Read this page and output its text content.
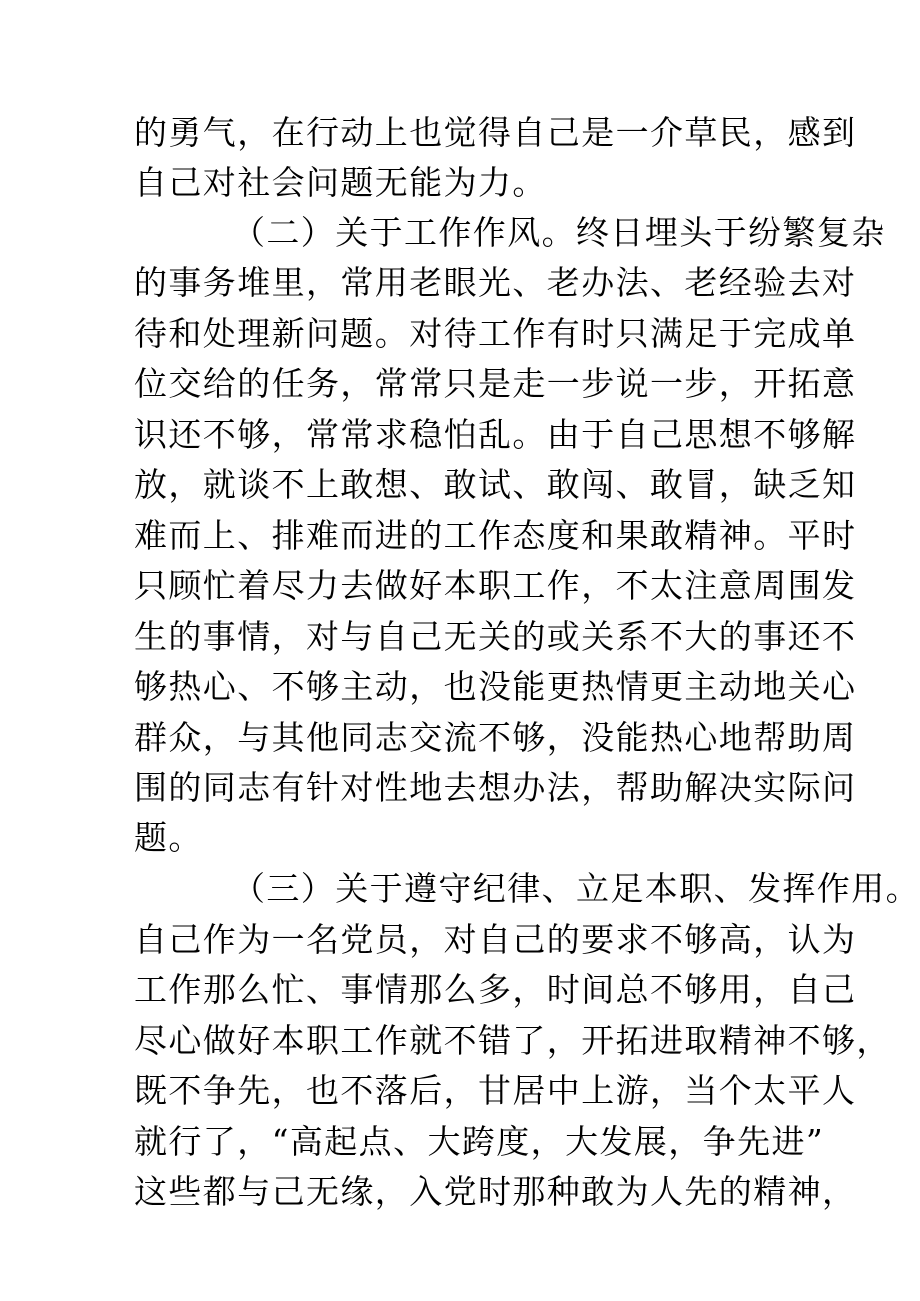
的勇气，在行动上也觉得自己是一介草民，感到
自己对社会问题无能为力。
（二）关于工作作风。终日埋头于纷繁复杂
的事务堆里，常用老眼光、老办法、老经验去对
待和处理新问题。对待工作有时只满足于完成单
位交给的任务，常常只是走一步说一步，开拓意
识还不够，常常求稳怕乱。由于自己思想不够解
放，就谈不上敢想、敢试、敢闯、敢冒，缺乏知
难而上、排难而进的工作态度和果敢精神。平时
只顾忙着尽力去做好本职工作，不太注意周围发
生的事情，对与自己无关的或关系不大的事还不
够热心、不够主动，也没能更热情更主动地关心
群众，与其他同志交流不够，没能热心地帮助周
围的同志有针对性地去想办法，帮助解决实际问
题。
（三）关于遵守纪律、立足本职、发挥作用。
自己作为一名党员，对自己的要求不够高，认为
工作那么忙、事情那么多，时间总不够用，自己
尽心做好本职工作就不错了，开拓进取精神不够，
既不争先，也不落后，甘居中上游，当个太平人
就行了，“高起点、大跨度，大发展，争先进”
这些都与己无缘，入党时那种敢为人先的精神，
